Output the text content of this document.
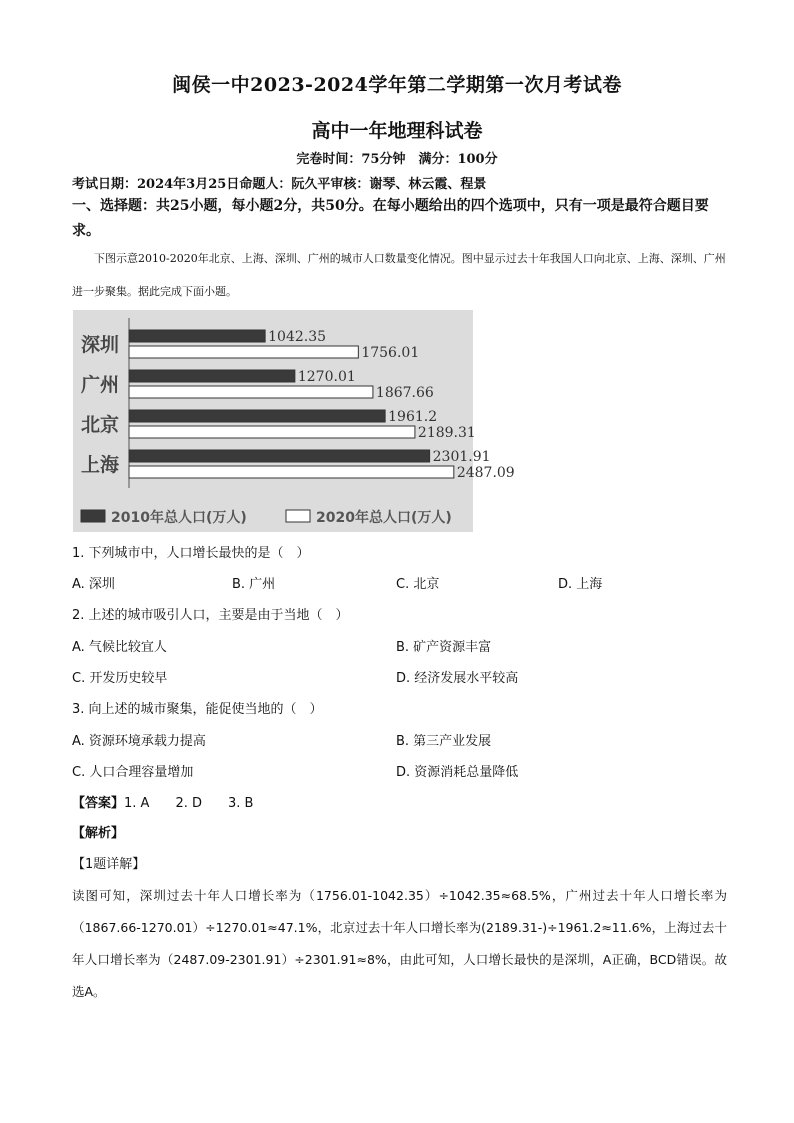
闽侯一中2023-2024学年第二学期第一次月考试卷
高中一年地理科试卷
完卷时间：75分钟　满分：100分
考试日期：2024年3月25日命题人：阮久平审核：谢琴、林云霞、程景
一、选择题：共25小题，每小题2分，共50分。在每小题给出的四个选项中，只有一项是最符合题目要求。
下图示意2010-2020年北京、上海、深圳、广州的城市人口数量变化情况。图中显示过去十年我国人口向北京、上海、深圳、广州进一步聚集。据此完成下面小题。
深圳	1042.35
1756.01
广州	1270.01
1867.66
北京	1961.2
2189.31
上海	2301.91
2487.09
2010年总人口(万人)	2020年总人口(万人)
1. 下列城市中，人口增长最快的是（　）
A. 深圳	B. 广州	C. 北京	D. 上海
2. 上述的城市吸引人口，主要是由于当地（　）
A. 气候比较宜人	B. 矿产资源丰富
C. 开发历史较早	D. 经济发展水平较高
3. 向上述的城市聚集，能促使当地的（　）
A. 资源环境承载力提高	B. 第三产业发展
C. 人口合理容量增加	D. 资源消耗总量降低
【答案】1. A　　2. D　　3. B
【解析】
【1题详解】
读图可知，深圳过去十年人口增长率为（1756.01-1042.35）÷1042.35≈68.5%，广州过去十年人口增长率为（1867.66-1270.01）÷1270.01≈47.1%，北京过去十年人口增长率为(2189.31-)÷1961.2≈11.6%，上海过去十年人口增长率为（2487.09-2301.91）÷2301.91≈8%，由此可知，人口增长最快的是深圳，A正确，BCD错误。故选A。
